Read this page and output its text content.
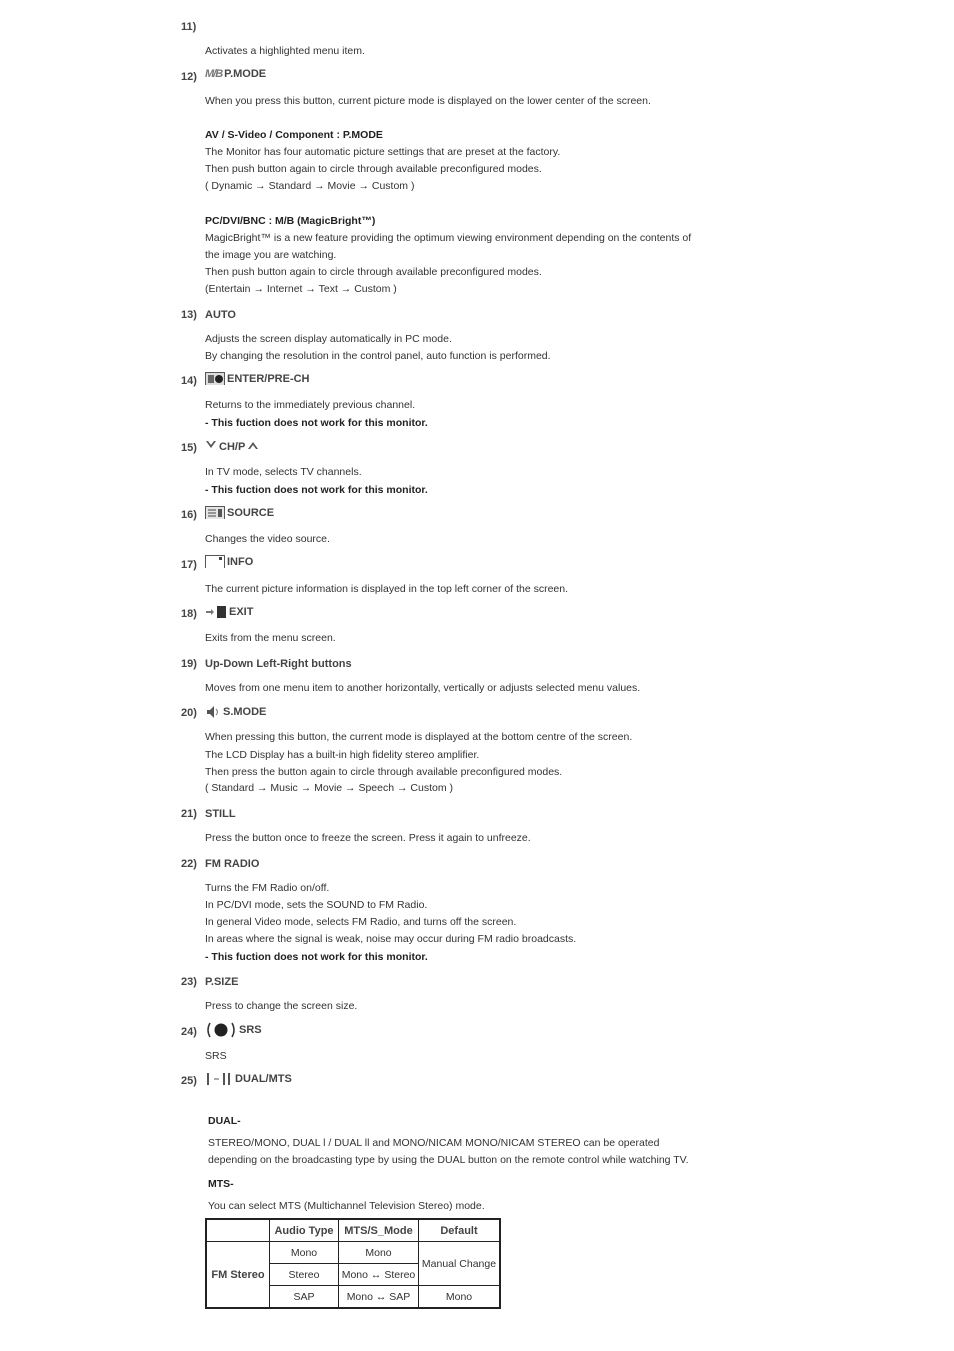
11)
Activates a highlighted menu item.
12) M/B P.MODE
When you press this button, current picture mode is displayed on the lower center of the screen.
AV / S-Video / Component : P.MODE
The Monitor has four automatic picture settings that are preset at the factory.
Then push button again to circle through available preconfigured modes.
( Dynamic → Standard → Movie → Custom )
PC/DVI/BNC : M/B (MagicBright™)
MagicBright™ is a new feature providing the optimum viewing environment depending on the contents of
the image you are watching.
Then push button again to circle through available preconfigured modes.
(Entertain → Internet → Text → Custom )
13) AUTO
Adjusts the screen display automatically in PC mode.
By changing the resolution in the control panel, auto function is performed.
14)	ENTER/PRE-CH
Returns to the immediately previous channel.
- This fuction does not work for this monitor.
15) CH/P
In TV mode, selects TV channels.
- This fuction does not work for this monitor.
16)	SOURCE
Changes the video source.
17)	INFO
The current picture information is displayed in the top left corner of the screen.
18)	EXIT
Exits from the menu screen.
19) Up-Down Left-Right buttons
Moves from one menu item to another horizontally, vertically or adjusts selected menu values.
20) S.MODE
When pressing this button, the current mode is displayed at the bottom centre of the screen.
The LCD Display has a built-in high fidelity stereo amplifier.
Then press the button again to circle through available preconfigured modes.
( Standard → Music → Movie → Speech → Custom )
21) STILL
Press the button once to freeze the screen. Press it again to unfreeze.
22) FM RADIO
Turns the FM Radio on/off.
In PC/DVI mode, sets the SOUND to FM Radio.
In general Video mode, selects FM Radio, and turns off the screen.
In areas where the signal is weak, noise may occur during FM radio broadcasts.
- This fuction does not work for this monitor.
23) P.SIZE
Press to change the screen size.
24)	SRS
SRS
25)	DUAL/MTS
DUAL-
STEREO/MONO, DUAL l / DUAL ll and MONO/NICAM MONO/NICAM STEREO can be operated
depending on the broadcasting type by using the DUAL button on the remote control while watching TV.
MTS-
You can select MTS (Multichannel Television Stereo) mode.
	Audio Type	MTS/S_Mode	Default
FM Stereo	Mono	Mono	Manual Change
	Stereo	Mono ↔ Stereo	
	SAP	Mono ↔ SAP	Mono
